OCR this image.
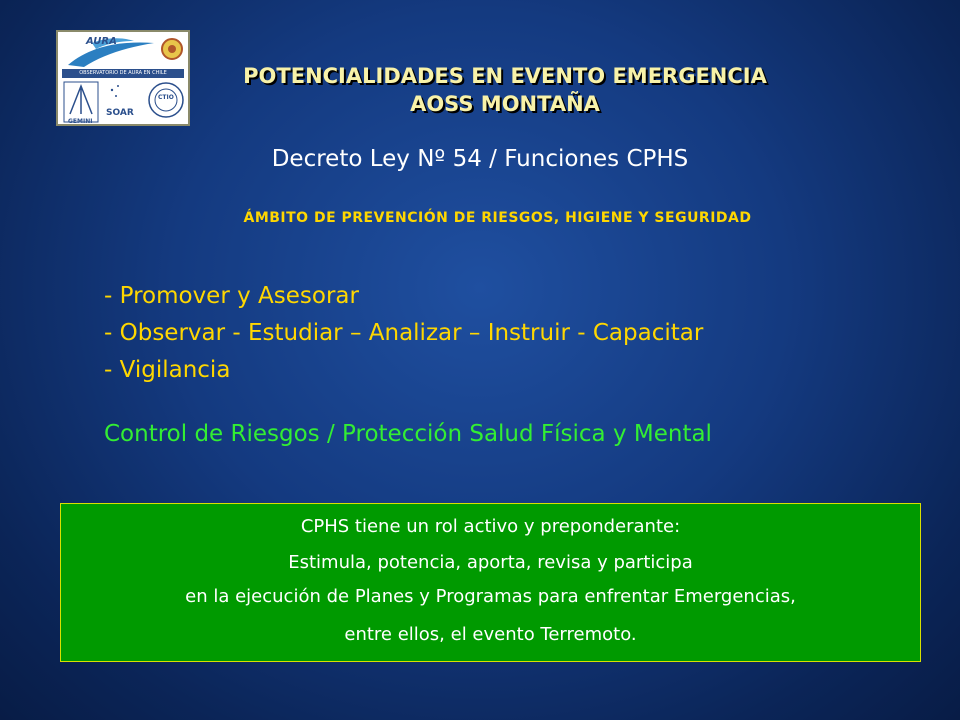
AURA
OBSERVATORIO DE AURA EN CHILE
GEMINI
SOAR
CTIO
POTENCIALIDADES EN EVENTO EMERGENCIA
AOSS MONTAÑA
Decreto Ley Nº 54 / Funciones CPHS
ÁMBITO DE PREVENCIÓN DE RIESGOS, HIGIENE Y SEGURIDAD
- Promover y Asesorar
- Observar - Estudiar – Analizar – Instruir - Capacitar
- Vigilancia
Control de Riesgos / Protección Salud Física y Mental
CPHS tiene un rol activo y preponderante:
Estimula, potencia, aporta, revisa y participa
en la ejecución de Planes y Programas para enfrentar Emergencias,
entre ellos, el evento Terremoto.
